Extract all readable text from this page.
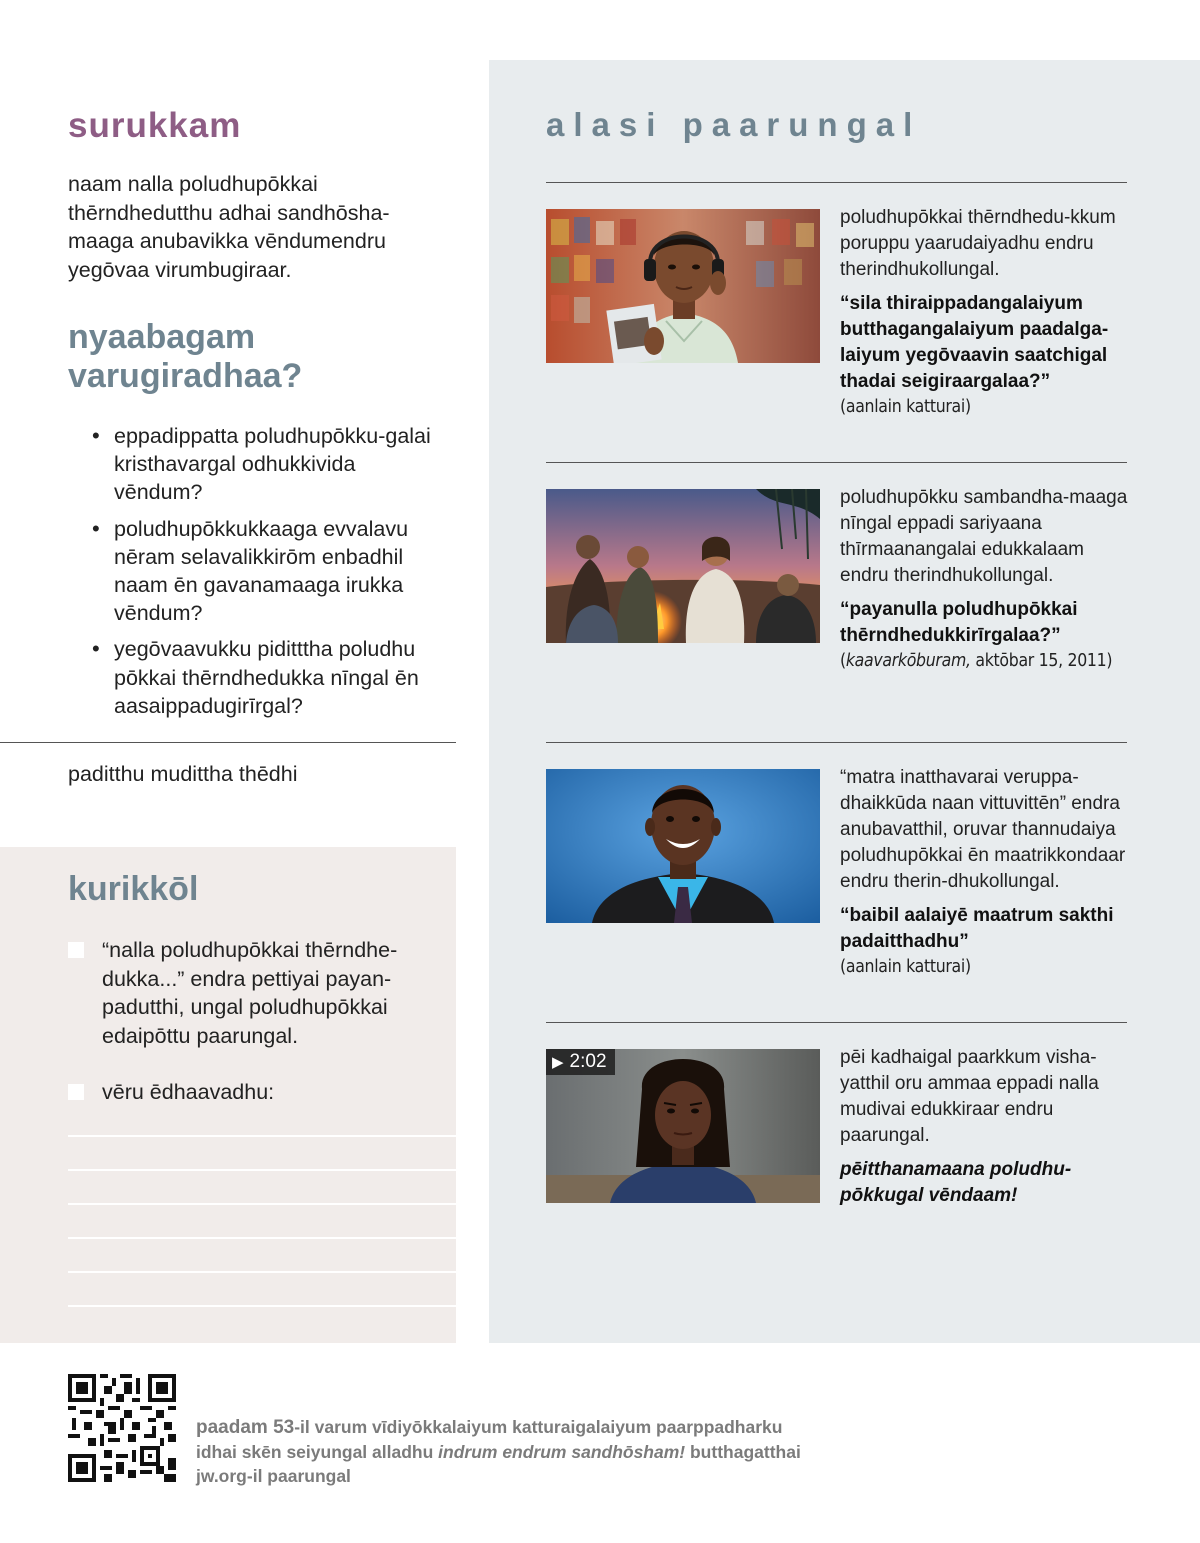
surukkam

naam nalla poludhupōkkai thērndhedutthu adhai sandhōsha-maaga anubavikka vēndumendru yegōvaa virumbugiraar.

nyaabagam varugiradhaa?
• eppadippatta poludhupōkku-galai kristhavargal odhukkivida vēndum?
• poludhupōkkukkaaga evvalavu nēram selavalikkirōm enbadhil naam ēn gavanamaaga irukka vēndum?
• yegōvaavukku piditttha poludhu pōkkai thērndhedukka nīngal ēn aasaippadugirīrgal?
paditthu mudittha thēdhi
kurikkōl
“nalla poludhupōkkai thērndhe-dukka...” endra pettiyai payan-padutthi, ungal poludhupōkkai edaipōttu paarungal.
vēru ēdhaavadhu:
alasi paarungal

poludhupōkkai thērndhedu-kkum poruppu yaarudaiyadhu endru therindhukollungal.

“sila thiraippadangalaiyum butthagangalaiyum paadalga-laiyum yegōvaavin saatchigal thadai seigiraargalaa?”

(aanlain katturai)

poludhupōkku sambandha-maaga nīngal eppadi sariyaana thīrmaanangalai edukkalaam endru therindhukollungal.

“payanulla poludhupōkkai thērndhedukkirīrgalaa?”

(kaavarkōburam, aktōbar 15, 2011)

“matra inatthavarai veruppa-dhaikkūda naan vittuvittēn” endra anubavatthil, oruvar thannudaiya poludhupōkkai ēn maatrikkondaar endru therin-dhukollungal.

“baibil aalaiyē maatrum sakthi padaitthadhu”

(aanlain katturai)

▶ 2:02	pēi kadhaigal paarkkum visha-yatthil oru ammaa eppadi nalla mudivai edukkiraar endru paarungal.

pēitthanamaana poludhu-pōkkugal vēndaam!

paadam 53-il varum vīdiyōkkalaiyum katturaigalaiyum paarppadharku
idhai skēn seiyungal alladhu indrum endrum sandhōsham! butthagatthai
jw.org-il paarungal
